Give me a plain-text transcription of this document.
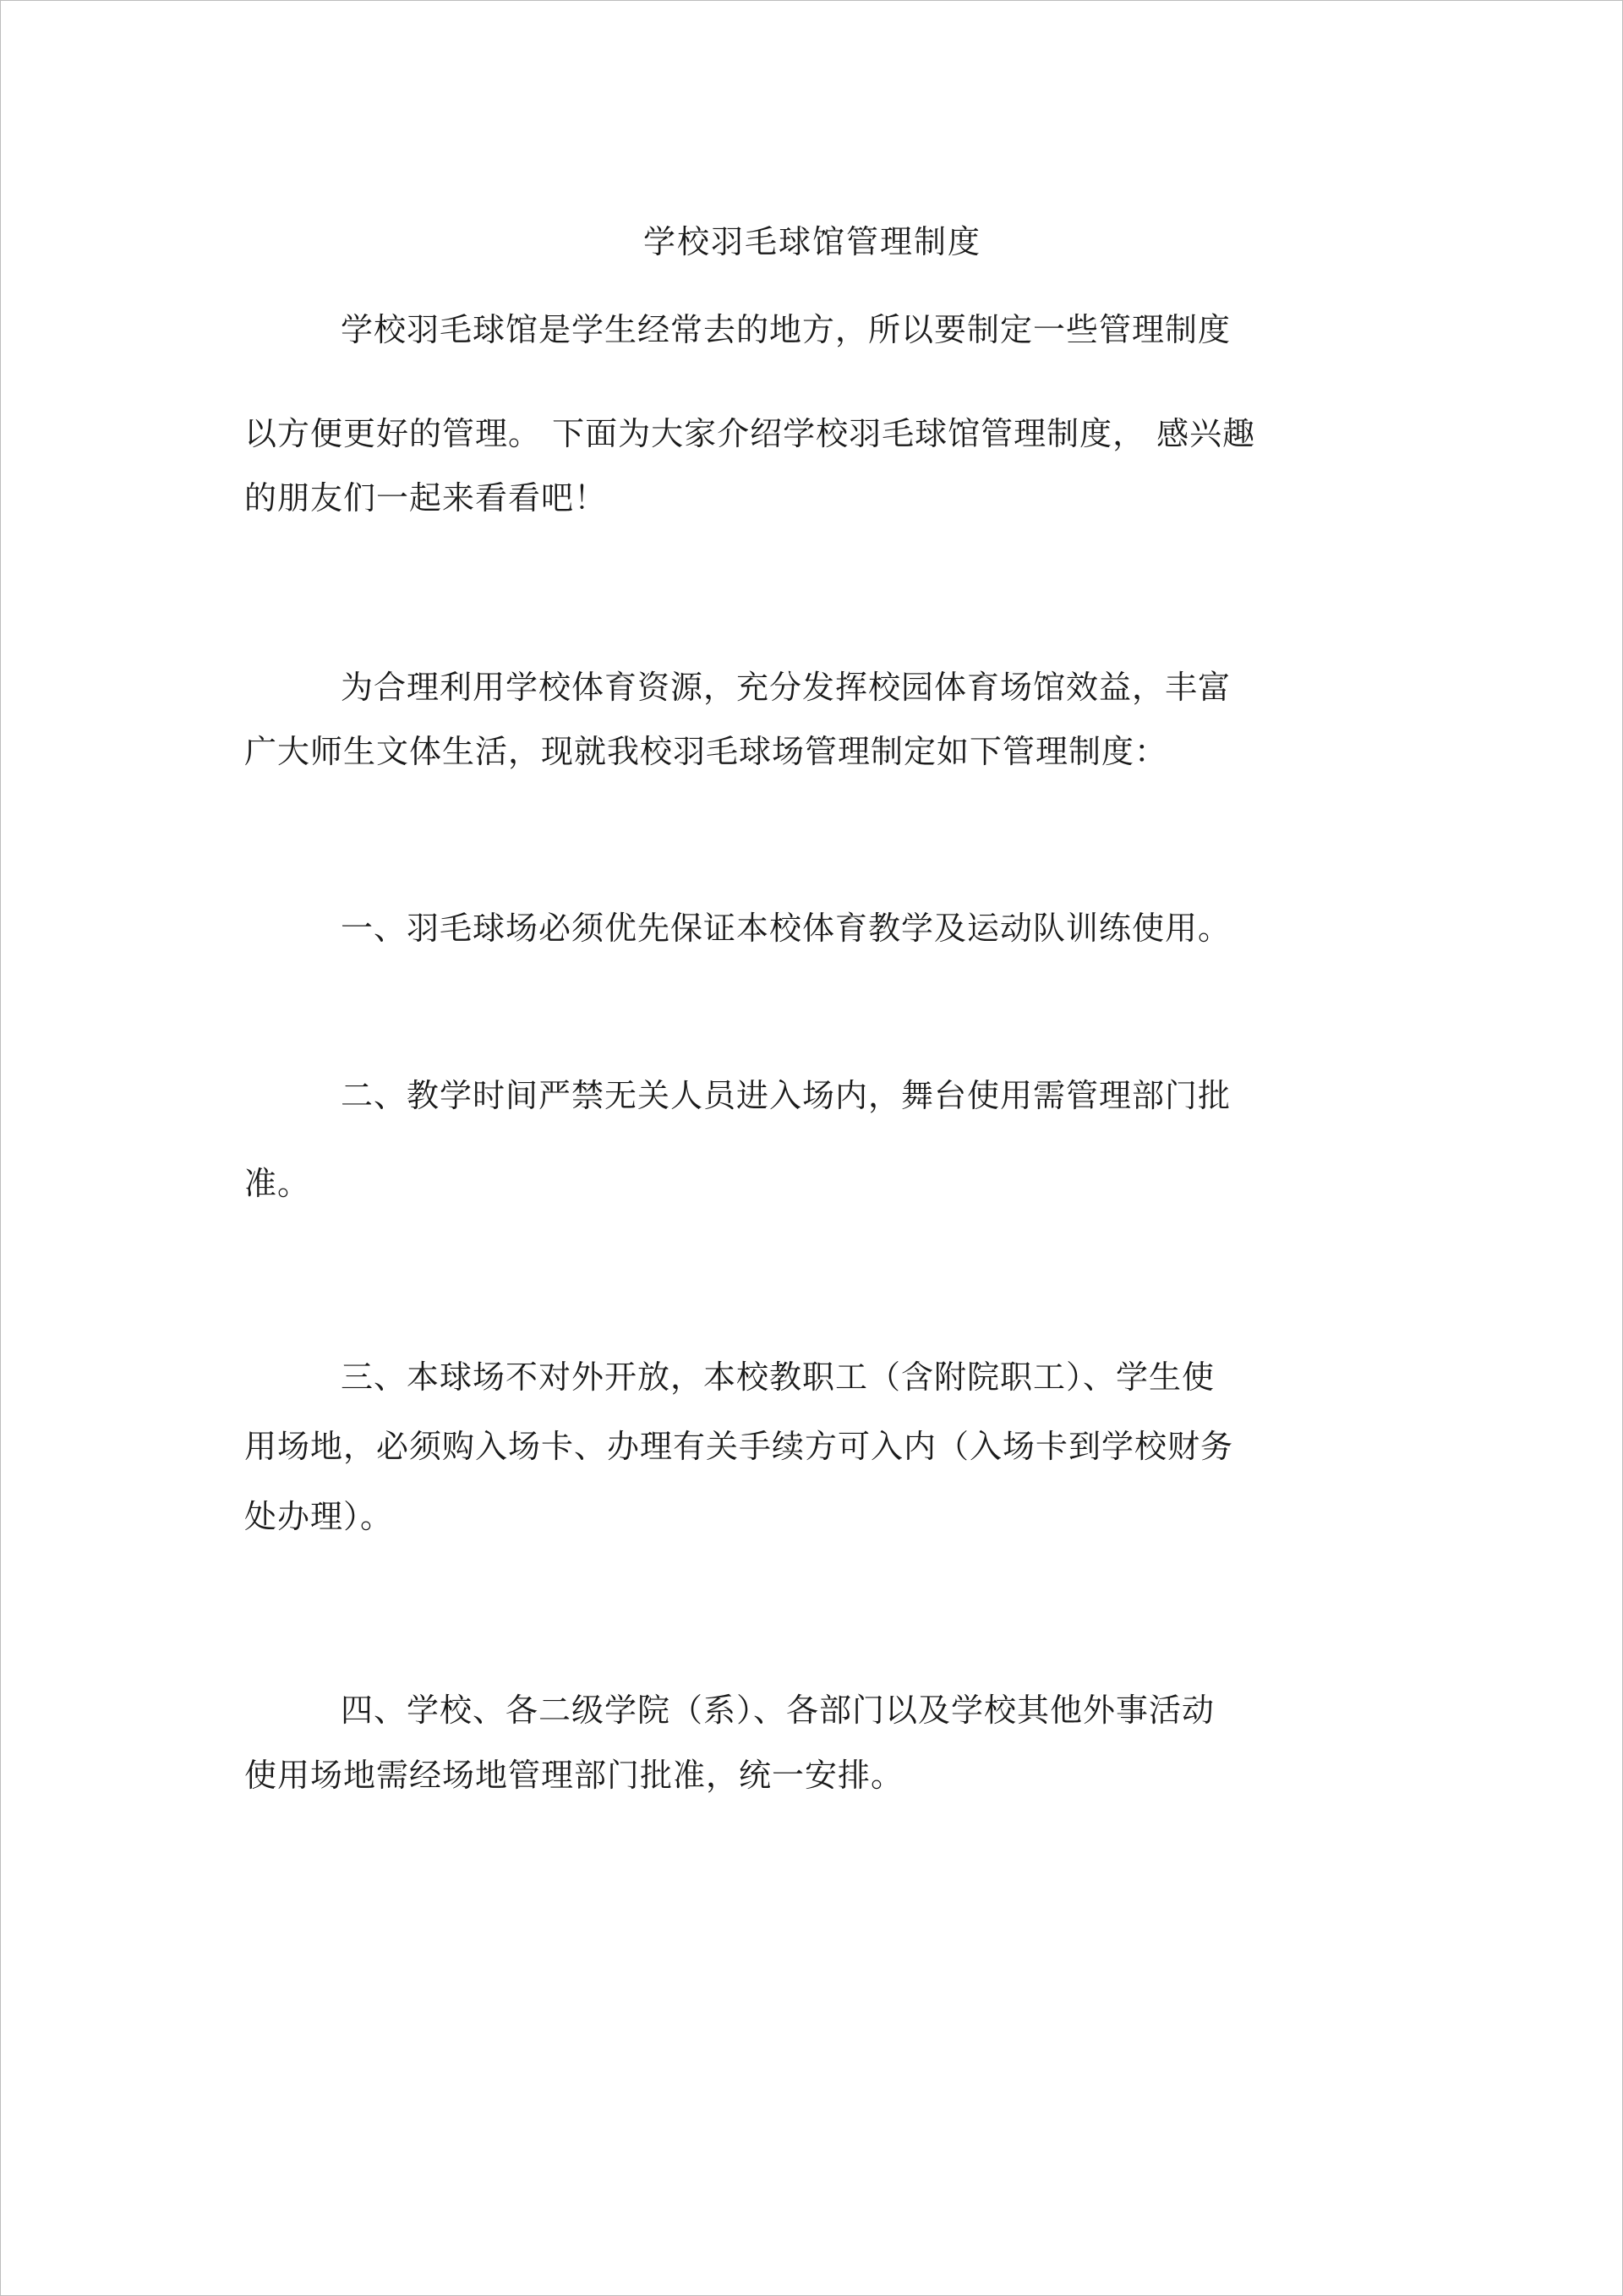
学校羽毛球馆管理制度
学校羽毛球馆是学生经常去的地方，所以要制定一些管理制度
以方便更好的管理。 下面为大家介绍学校羽毛球馆管理制度， 感兴趣
的朋友们一起来看看吧！
为合理利用学校体育资源，充分发挥校园体育场馆效益，丰富
广大师生文体生活，现就我校羽毛球场管理制定如下管理制度：
一、羽毛球场必须优先保证本校体育教学及运动队训练使用。
二、教学时间严禁无关人员进入场内，舞台使用需管理部门批
准。
三、本球场不对外开放，本校教职工（含附院职工）、学生使
用场地，必须购入场卡、办理有关手续方可入内（入场卡到学校财务
处办理）。
四、学校、各二级学院（系）、各部门以及学校其他外事活动
使用场地需经场地管理部门批准，统一安排。
